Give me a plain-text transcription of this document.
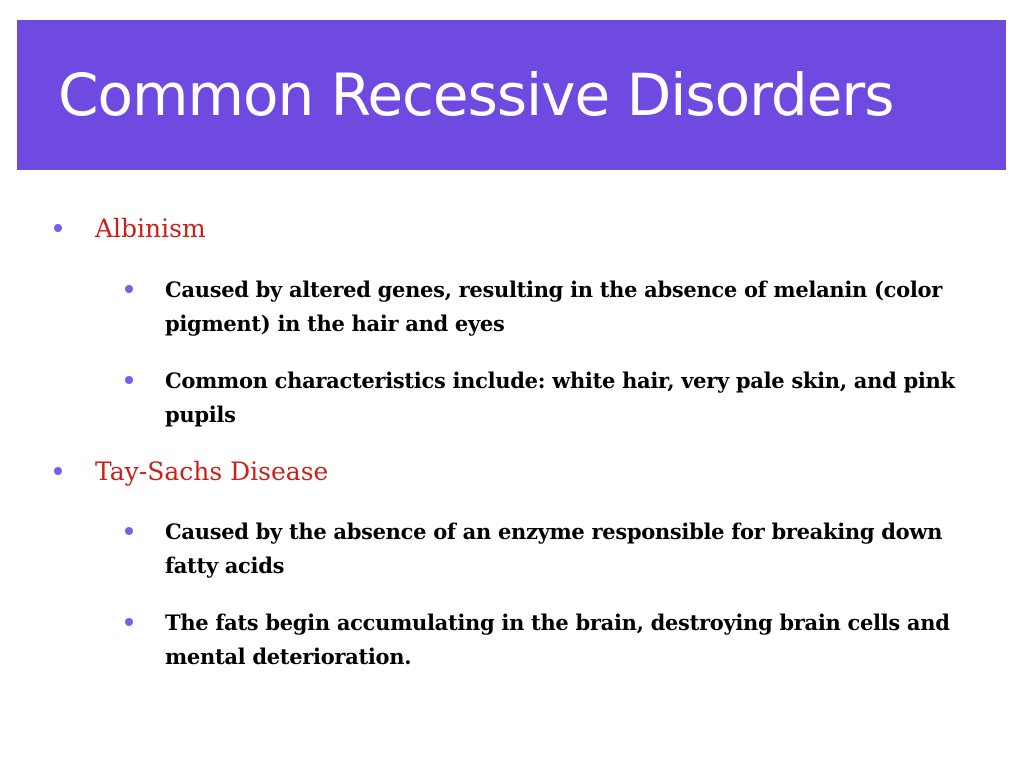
Common Recessive Disorders
Albinism
Caused by altered genes, resulting in the absence of melanin (color pigment) in the hair and eyes
Common characteristics include: white hair, very pale skin, and pink pupils
Tay-Sachs Disease
Caused by the absence of an enzyme responsible for breaking down fatty acids
The fats begin accumulating in the brain, destroying brain cells and mental deterioration.
